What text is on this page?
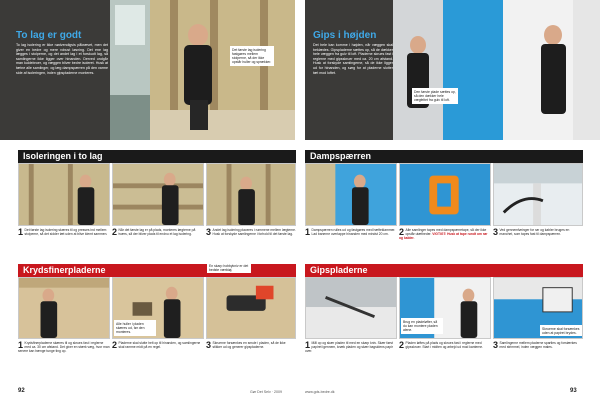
To lag er godt
To lag isolering er ikke nødvendigvis påkrævet, men det giver en bedre og mere robust løsning. Det ene lag lægges i stolperne, og det andet lag i et forskudt lag, så samlingerne ikke ligger over hinanden. Derved undgår man kuldebroer, og væggen bliver bedre isoleret. Husk at tætne alle samlinger, og læg dampspærren på den varme side af isoleringen, inden gipspladerne monteres.
Det første lag isolering fastgøres mellem stolperne, så der ikke opstår huller og sprækker.
Gips i højden
Det hele kan komme i højden, når væggen skal beklædes. Gipspladerne sættes op, så de dækker hele væggen fra gulv til loft. Pladerne skrues fast i reglerne med gipsskruer med ca. 20 cm afstand. Husk at forskyde samlingerne, så de ikke ligger ud for hinanden, og sørg for at pladerne slutter tæt mod loftet.
Den første plade sættes op, så den dækker hele vægfeltet fra gulv til loft.
Isoleringen i to lag
1 Det første lag isolering skæres til og presses ind mellem stolperne, så det sidder tæt uden at blive klemt sammen. 2 Når det første lag er på plads, monteres lægterne på tværs, så der bliver plads til endnu et lag isolering.	3 Andet lag isolering placeres i rummene mellem lægterne. Husk at forskyde samlingerne i forhold til det første lag.
Dampspærren
1 Dampspærren rulles ud og fastgøres med hæfteklammer. Lad banerne overlappe hinanden med mindst 20 cm.	2 Alle samlinger tapes med dampspærretape, så der ikke opstår utætheder. VIGTIGT: Husk at tape rundt om rør og kabler.
3 Ved gennemføringer for rør og kabler bruges en manchet, som tapes fast til dampspærren.
Krydsfinerpladerne
Alle huller i pladen skæres ud, før den monteres.
En skarp hobbykniv er det bedste værktøj.
1 Krydsfinerpladerne skæres til og skrues fast i reglerne med ca. 30 cm afstand. Det giver en stærk væg, hvor man senere kan hænge tunge ting op.
2 Pladerne skal slutte helt op til hinanden, og samlingerne skal ramme midt på en regel.	3 Skruerne forsænkes en smule i pladen, så de ikke stikker ud og generer gipspladerne.
Gipspladerne
Brug en pladeløfter, så du kan montere pladen alene.	Skruerne skal forsænkes uden at papiret brydes.
1 Mål op og skær pladen til med en skarp kniv. Skær først papiret igennem, knæk pladen og skær bagsidens papir over.
2 Pladen løftes på plads og skrues fast i reglerne med gipsskruer. Start i midten og arbejd ud mod kanterne.	3 Samlingerne mellem pladerne spartles og forstærkes med strimmel, inden væggen males.
92	Gør Det Selv · 2009	www.gds-bedre.dk	93
